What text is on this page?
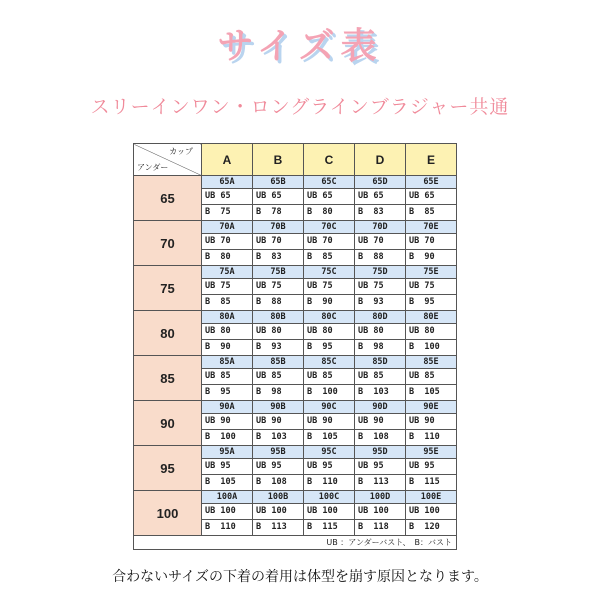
サイズ表
スリーインワン・ロングラインブラジャー共通
カップ
アンダー	A	B	C	D	E
65	65A	65B	65C	65D	65E
	UB 65	UB 65	UB 65	UB 65	UB 65
	B  75	B  78	B  80	B  83	B  85
70	70A	70B	70C	70D	70E
	UB 70	UB 70	UB 70	UB 70	UB 70
	B  80	B  83	B  85	B  88	B  90
75	75A	75B	75C	75D	75E
	UB 75	UB 75	UB 75	UB 75	UB 75
	B  85	B  88	B  90	B  93	B  95
80	80A	80B	80C	80D	80E
	UB 80	UB 80	UB 80	UB 80	UB 80
	B  90	B  93	B  95	B  98	B  100
85	85A	85B	85C	85D	85E
	UB 85	UB 85	UB 85	UB 85	UB 85
	B  95	B  98	B  100	B  103	B  105
90	90A	90B	90C	90D	90E
	UB 90	UB 90	UB 90	UB 90	UB 90
	B  100	B  103	B  105	B  108	B  110
95	95A	95B	95C	95D	95E
	UB 95	UB 95	UB 95	UB 95	UB 95
	B  105	B  108	B  110	B  113	B  115
100	100A	100B	100C	100D	100E
	UB 100	UB 100	UB 100	UB 100	UB 100
	B  110	B  113	B  115	B  118	B  120
UB ：アンダーバスト、　B：バスト					
合わないサイズの下着の着用は体型を崩す原因となります。
